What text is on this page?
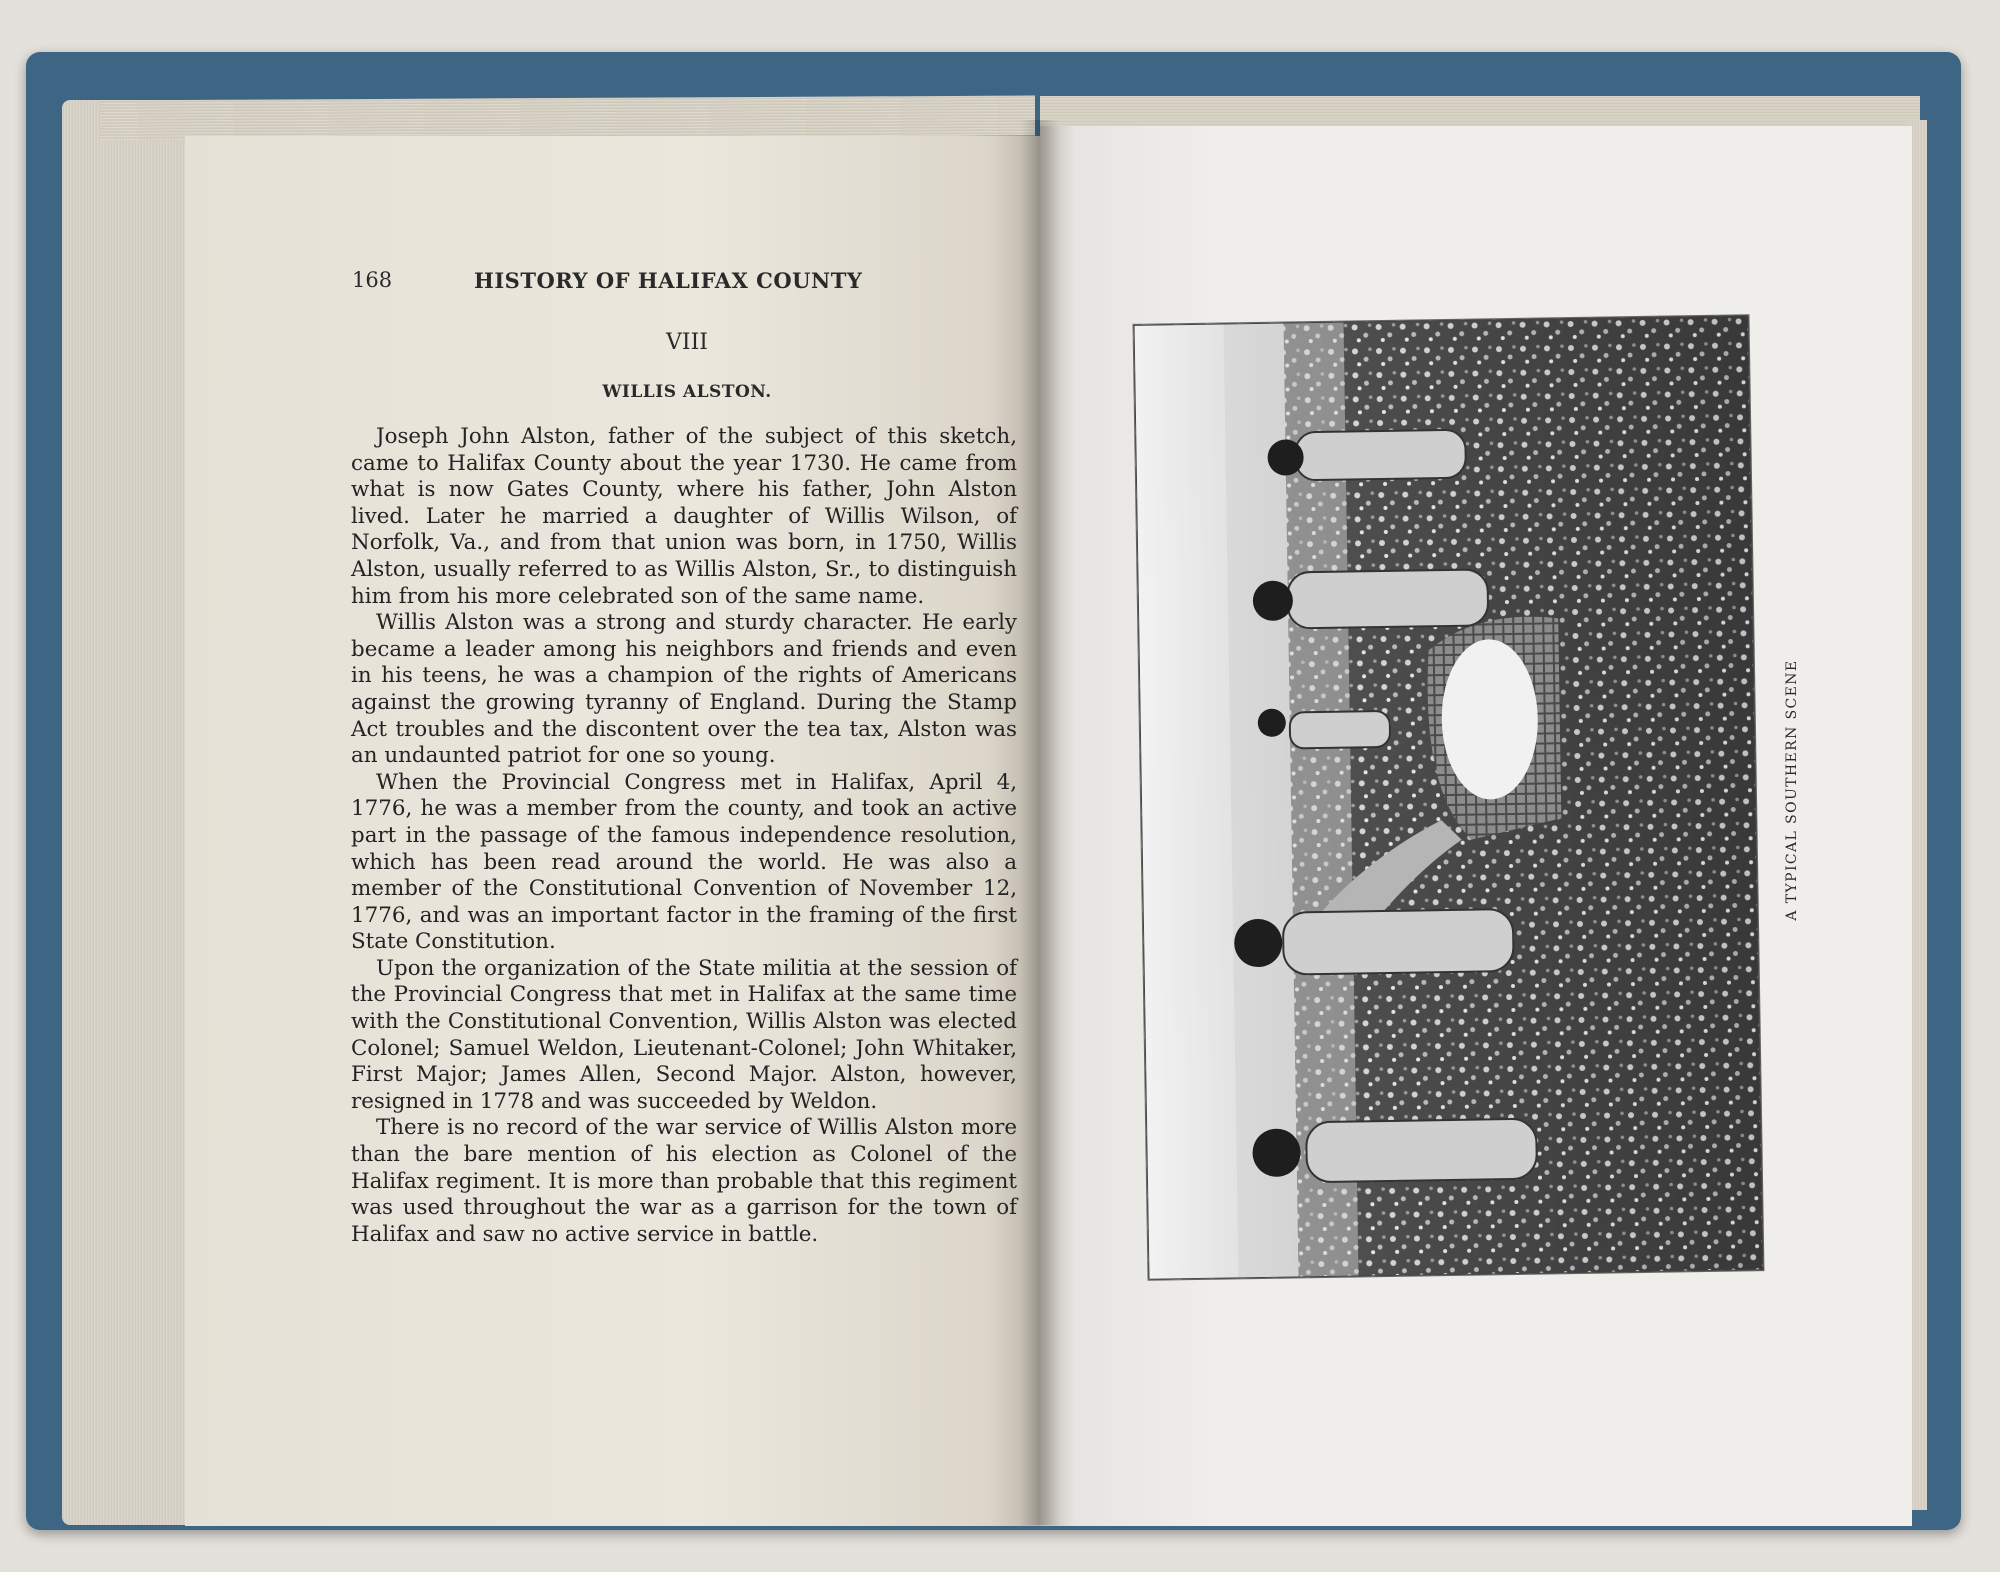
168	HISTORY OF HALIFAX COUNTY
VIII
WILLIS ALSTON.

Joseph John Alston, father of the subject of this sketch, came to Halifax County about the year 1730. He came from what is now Gates County, where his father, John Alston lived. Later he married a daughter of Willis Wilson, of Norfolk, Va., and from that union was born, in 1750, Willis Alston, usually referred to as Willis Alston, Sr., to distinguish him from his more celebrated son of the same name.

Willis Alston was a strong and sturdy character. He early became a leader among his neighbors and friends and even in his teens, he was a champion of the rights of Americans against the growing tyranny of England. During the Stamp Act troubles and the discontent over the tea tax, Alston was an undaunted patriot for one so young.

When the Provincial Congress met in Halifax, April 4, 1776, he was a member from the county, and took an active part in the passage of the famous independence resolution, which has been read around the world. He was also a member of the Constitutional Convention of November 12, 1776, and was an important factor in the framing of the first State Constitution.

Upon the organization of the State militia at the session of the Provincial Congress that met in Halifax at the same time with the Constitutional Convention, Willis Alston was elected Colonel; Samuel Weldon, Lieutenant-Colonel; John Whitaker, First Major; James Allen, Second Major. Alston, however, resigned in 1778 and was succeeded by Weldon.

There is no record of the war service of Willis Alston more than the bare mention of his election as Colonel of the Halifax regiment. It is more than probable that this regiment was used throughout the war as a garrison for the town of Halifax and saw no active service in battle.

A TYPICAL SOUTHERN SCENE
